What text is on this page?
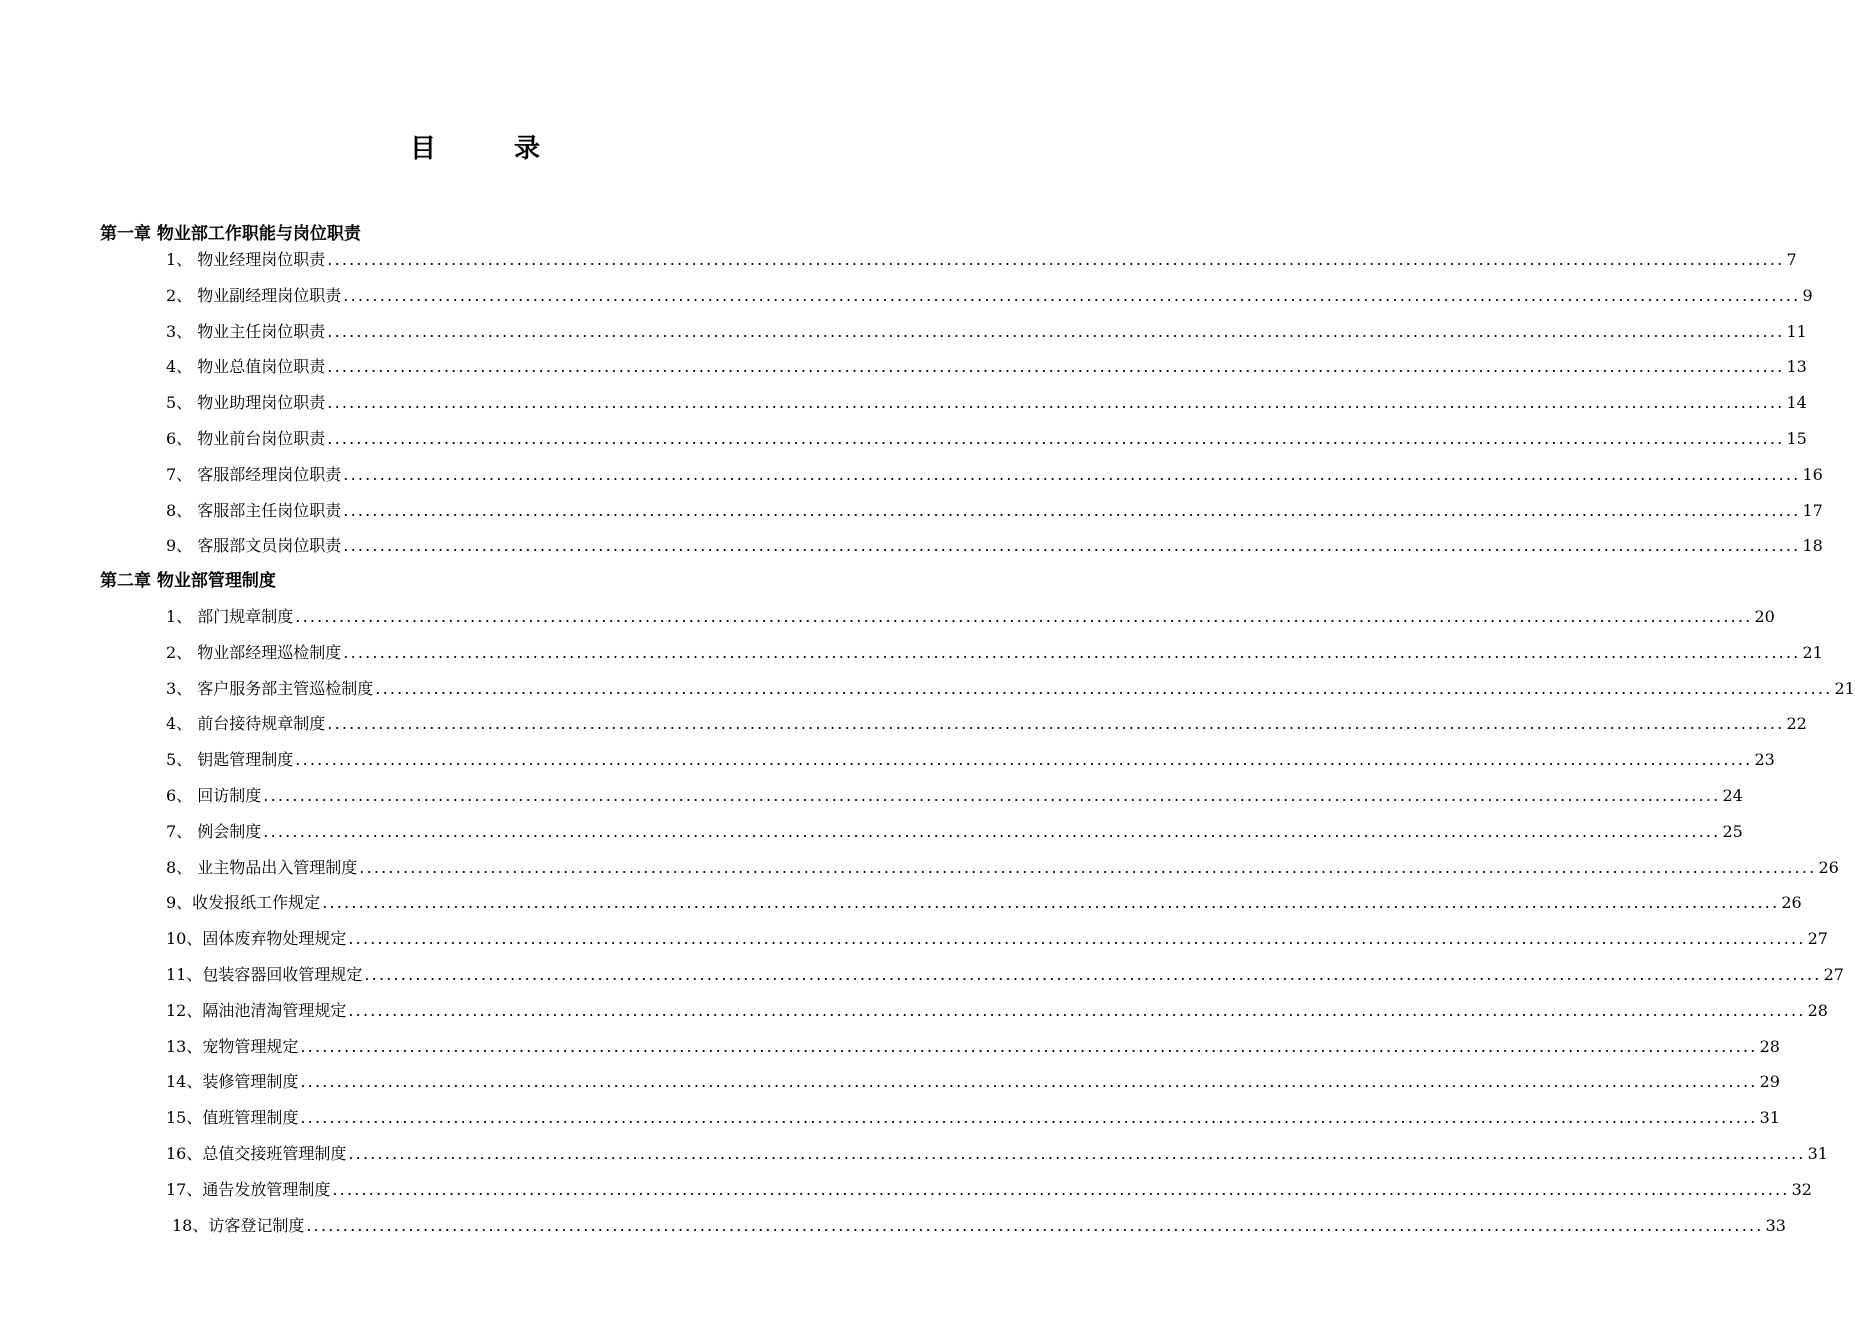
目	录
第一章 物业部工作职能与岗位职责
1、 物业经理岗位职责 ........................................................................................................................................................................................................ 7
2、 物业副经理岗位职责 ........................................................................................................................................................................................................ 9
3、 物业主任岗位职责 ........................................................................................................................................................................................................ 11
4、 物业总值岗位职责 ........................................................................................................................................................................................................ 13
5、 物业助理岗位职责 ........................................................................................................................................................................................................ 14
6、 物业前台岗位职责 ........................................................................................................................................................................................................ 15
7、 客服部经理岗位职责 ........................................................................................................................................................................................................ 16
8、 客服部主任岗位职责 ........................................................................................................................................................................................................ 17
9、 客服部文员岗位职责 ........................................................................................................................................................................................................ 18
第二章 物业部管理制度
1、 部门规章制度 ........................................................................................................................................................................................................ 20
2、 物业部经理巡检制度 ........................................................................................................................................................................................................ 21
3、 客户服务部主管巡检制度 ........................................................................................................................................................................................................ 21
4、 前台接待规章制度 ........................................................................................................................................................................................................ 22
5、 钥匙管理制度 ........................................................................................................................................................................................................ 23
6、 回访制度 ........................................................................................................................................................................................................ 24
7、 例会制度 ........................................................................................................................................................................................................ 25
8、 业主物品出入管理制度 ........................................................................................................................................................................................................ 26
9、收发报纸工作规定 ........................................................................................................................................................................................................ 26
10、固体废弃物处理规定 ........................................................................................................................................................................................................ 27
11、包装容器回收管理规定 ........................................................................................................................................................................................................ 27
12、隔油池清淘管理规定 ........................................................................................................................................................................................................ 28
13、宠物管理规定 ........................................................................................................................................................................................................ 28
14、装修管理制度 ........................................................................................................................................................................................................ 29
15、值班管理制度 ........................................................................................................................................................................................................ 31
16、总值交接班管理制度 ........................................................................................................................................................................................................ 31
17、通告发放管理制度 ........................................................................................................................................................................................................ 32
18、访客登记制度 ........................................................................................................................................................................................................ 33
